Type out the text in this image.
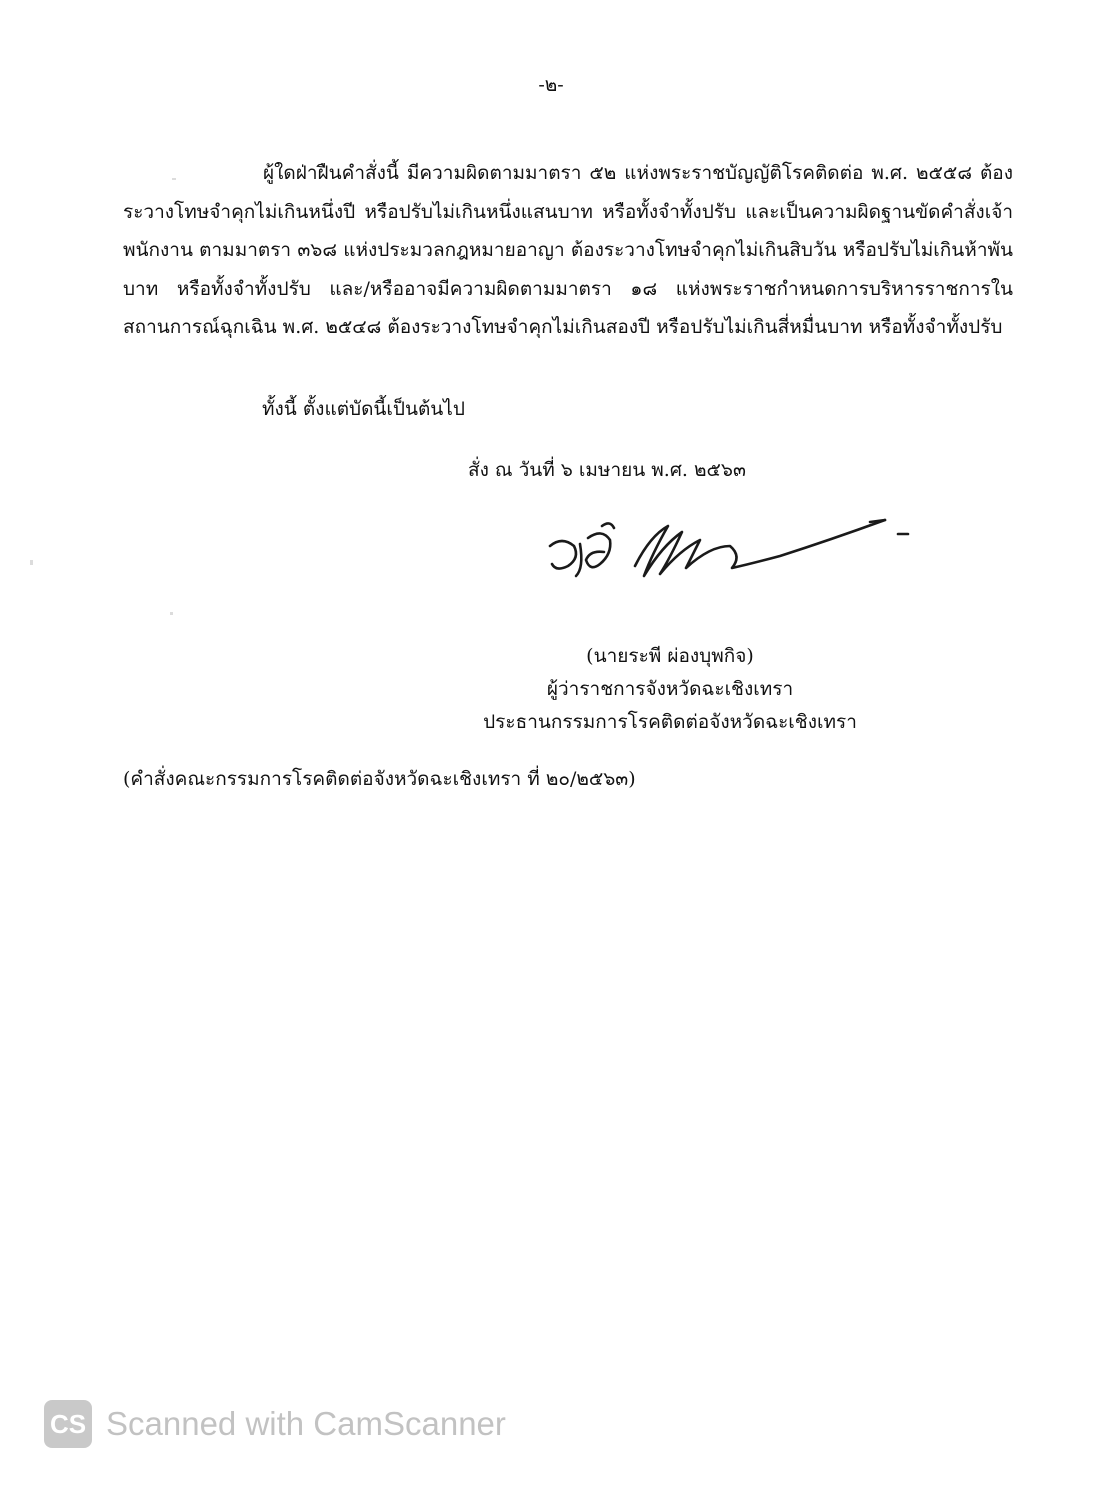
-๒-

ผู้ใดฝ่าฝืนคำสั่งนี้ มีความผิดตามมาตรา ๕๒ แห่งพระราชบัญญัติโรคติดต่อ พ.ศ. ๒๕๕๘ ต้องระวางโทษจำคุกไม่เกินหนึ่งปี หรือปรับไม่เกินหนึ่งแสนบาท หรือทั้งจำทั้งปรับ และเป็นความผิดฐานขัดคำสั่งเจ้าพนักงาน ตามมาตรา ๓๖๘ แห่งประมวลกฎหมายอาญา ต้องระวางโทษจำคุกไม่เกินสิบวัน หรือปรับไม่เกินห้าพันบาท หรือทั้งจำทั้งปรับ และ/หรืออาจมีความผิดตามมาตรา ๑๘ แห่งพระราชกำหนดการบริหารราชการในสถานการณ์ฉุกเฉิน พ.ศ. ๒๕๔๘ ต้องระวางโทษจำคุกไม่เกินสองปี หรือปรับไม่เกินสี่หมื่นบาท หรือทั้งจำทั้งปรับ

ทั้งนี้ ตั้งแต่บัดนี้เป็นต้นไป

สั่ง ณ วันที่ ๖ เมษายน พ.ศ. ๒๕๖๓

(นายระพี ผ่องบุพกิจ)
ผู้ว่าราชการจังหวัดฉะเชิงเทรา
ประธานกรรมการโรคติดต่อจังหวัดฉะเชิงเทรา

(คำสั่งคณะกรรมการโรคติดต่อจังหวัดฉะเชิงเทรา ที่ ๒๐/๒๕๖๓)

CS Scanned with CamScanner
